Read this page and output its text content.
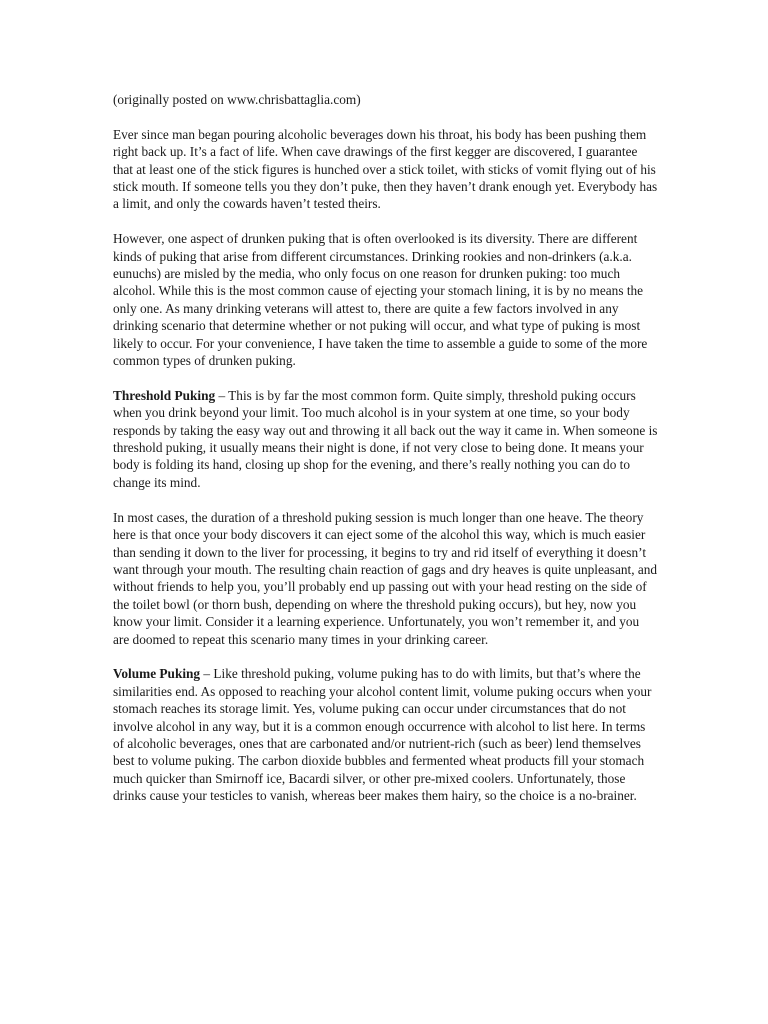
(originally posted on www.chrisbattaglia.com)

Ever since man began pouring alcoholic beverages down his throat, his body has been pushing them right back up. It’s a fact of life. When cave drawings of the first kegger are discovered, I guarantee that at least one of the stick figures is hunched over a stick toilet, with sticks of vomit flying out of his stick mouth. If someone tells you they don’t puke, then they haven’t drank enough yet. Everybody has a limit, and only the cowards haven’t tested theirs.

However, one aspect of drunken puking that is often overlooked is its diversity. There are different kinds of puking that arise from different circumstances. Drinking rookies and non-drinkers (a.k.a. eunuchs) are misled by the media, who only focus on one reason for drunken puking: too much alcohol. While this is the most common cause of ejecting your stomach lining, it is by no means the only one. As many drinking veterans will attest to, there are quite a few factors involved in any drinking scenario that determine whether or not puking will occur, and what type of puking is most likely to occur. For your convenience, I have taken the time to assemble a guide to some of the more common types of drunken puking.

Threshold Puking – This is by far the most common form. Quite simply, threshold puking occurs when you drink beyond your limit. Too much alcohol is in your system at one time, so your body responds by taking the easy way out and throwing it all back out the way it came in. When someone is threshold puking, it usually means their night is done, if not very close to being done. It means your body is folding its hand, closing up shop for the evening, and there’s really nothing you can do to change its mind.

In most cases, the duration of a threshold puking session is much longer than one heave. The theory here is that once your body discovers it can eject some of the alcohol this way, which is much easier than sending it down to the liver for processing, it begins to try and rid itself of everything it doesn’t want through your mouth. The resulting chain reaction of gags and dry heaves is quite unpleasant, and without friends to help you, you’ll probably end up passing out with your head resting on the side of the toilet bowl (or thorn bush, depending on where the threshold puking occurs), but hey, now you know your limit. Consider it a learning experience. Unfortunately, you won’t remember it, and you are doomed to repeat this scenario many times in your drinking career.

Volume Puking – Like threshold puking, volume puking has to do with limits, but that’s where the similarities end. As opposed to reaching your alcohol content limit, volume puking occurs when your stomach reaches its storage limit. Yes, volume puking can occur under circumstances that do not involve alcohol in any way, but it is a common enough occurrence with alcohol to list here. In terms of alcoholic beverages, ones that are carbonated and/or nutrient-rich (such as beer) lend themselves best to volume puking. The carbon dioxide bubbles and fermented wheat products fill your stomach much quicker than Smirnoff ice, Bacardi silver, or other pre-mixed coolers. Unfortunately, those drinks cause your testicles to vanish, whereas beer makes them hairy, so the choice is a no-brainer.
